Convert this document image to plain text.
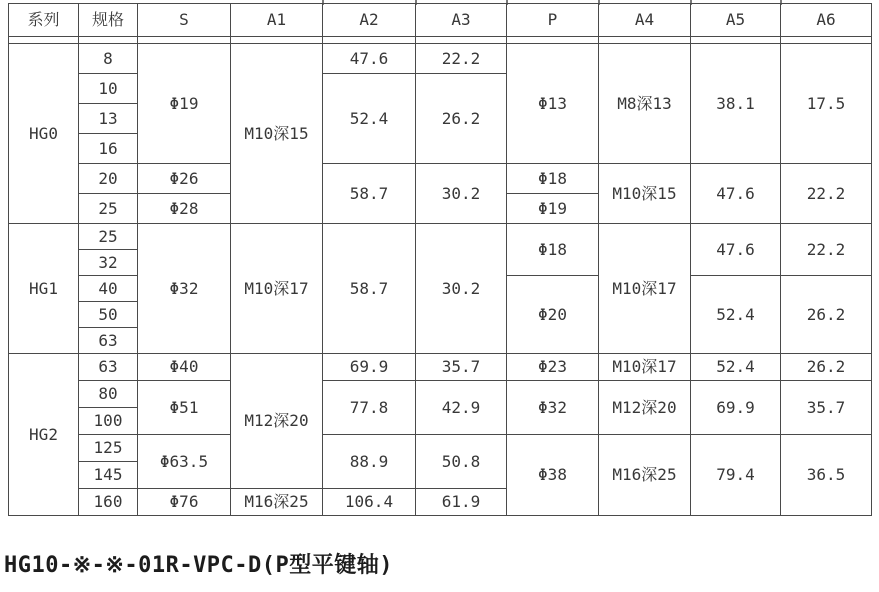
系列	规格	S	A1	A2	A3	P	A4	A5	A6

HG0	8	Φ19	M10深15	47.6	22.2	Φ13	M8深13	38.1	17.5
	10			52.4	26.2				
	13								
	16								
	20	Φ26		58.7	30.2	Φ18	M10深15	47.6	22.2
	25	Φ28				Φ19			
HG1	25	Φ32	M10深17	58.7	30.2	Φ18	M10深17	47.6	22.2
	32								
	40					Φ20		52.4	26.2
	50								
	63								
HG2	63	Φ40	M12深20	69.9	35.7	Φ23	M10深17	52.4	26.2
	80	Φ51		77.8	42.9	Φ32	M12深20	69.9	35.7
	100								
	125	Φ63.5		88.9	50.8	Φ38	M16深25	79.4	36.5
	145								
	160	Φ76	M16深25	106.4	61.9				
HG10-※-※-01R-VPC-D(P型平键轴)
